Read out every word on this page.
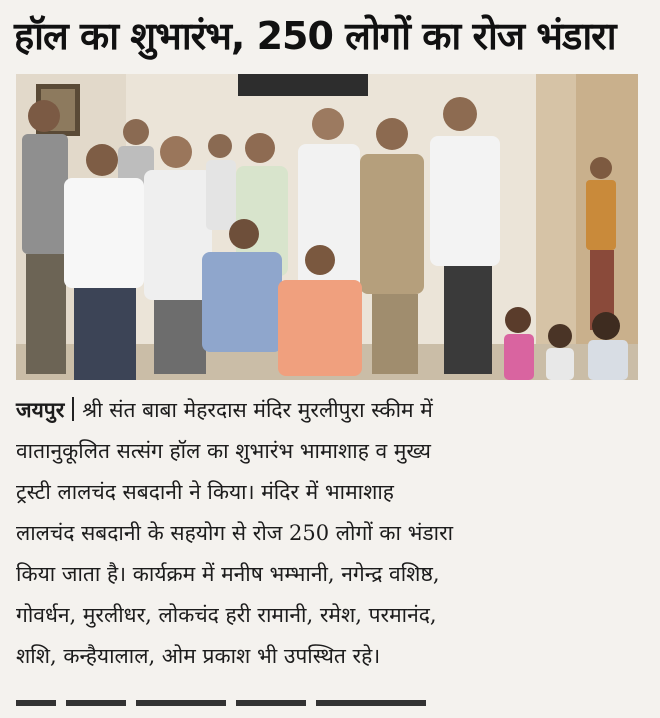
हॉल का शुभारंभ, 250 लोगों का रोज भंडारा
जयपुर श्री संत बाबा मेहरदास मंदिर मुरलीपुरा स्कीम में
वातानुकूलित सत्संग हॉल का शुभारंभ भामाशाह व मुख्य
ट्रस्टी लालचंद सबदानी ने किया। मंदिर में भामाशाह
लालचंद सबदानी के सहयोग से रोज 250 लोगों का भंडारा
किया जाता है। कार्यक्रम में मनीष भम्भानी, नगेन्द्र वशिष्ठ,
गोवर्धन, मुरलीधर, लोकचंद हरी रामानी, रमेश, परमानंद,
शशि, कन्हैयालाल, ओम प्रकाश भी उपस्थित रहे।
